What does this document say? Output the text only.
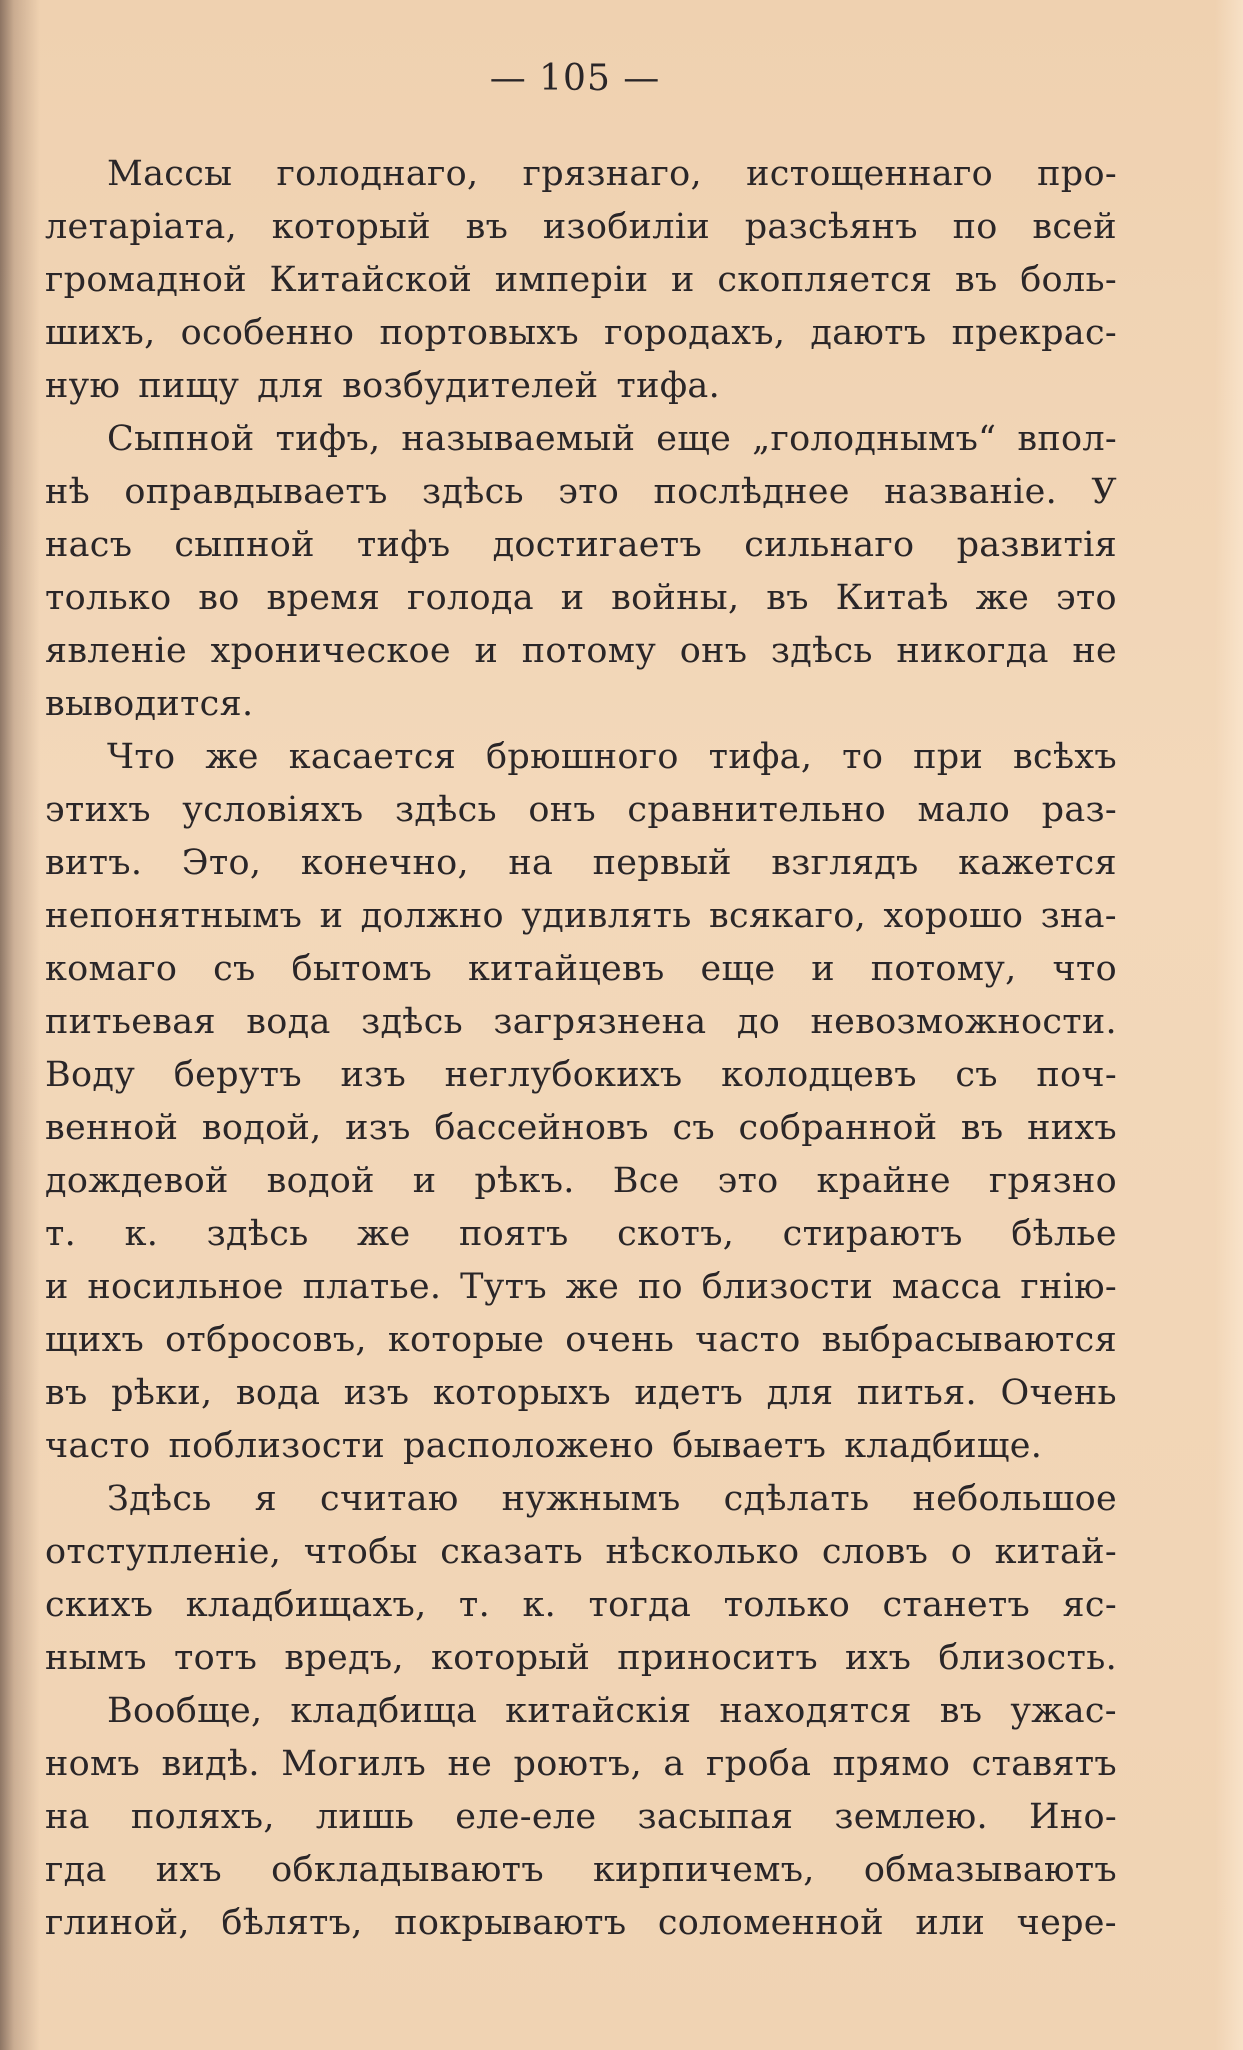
— 105 —
Массы голоднаго, грязнаго, истощеннаго про-
летаріата, который въ изобиліи разсѣянъ по всей
громадной Китайской имперіи и скопляется въ боль-
шихъ, особенно портовыхъ городахъ, даютъ прекрас-
ную пищу для возбудителей тифа.
Сыпной тифъ, называемый еще „голоднымъ“ впол-
нѣ оправдываетъ здѣсь это послѣднее названіе. У
насъ сыпной тифъ достигаетъ сильнаго развитія
только во время голода и войны, въ Китаѣ же это
явленіе хроническое и потому онъ здѣсь никогда не
выводится.
Что же касается брюшного тифа, то при всѣхъ
этихъ условіяхъ здѣсь онъ сравнительно мало раз-
витъ. Это, конечно, на первый взглядъ кажется
непонятнымъ и должно удивлять всякаго, хорошо зна-
комаго съ бытомъ китайцевъ еще и потому, что
питьевая вода здѣсь загрязнена до невозможности.
Воду берутъ изъ неглубокихъ колодцевъ съ поч-
венной водой, изъ бассейновъ съ собранной въ нихъ
дождевой водой и рѣкъ. Все это крайне грязно
т. к. здѣсь же поятъ скотъ, стираютъ бѣлье
и носильное платье. Тутъ же по близости масса гнію-
щихъ отбросовъ, которые очень часто выбрасываются
въ рѣки, вода изъ которыхъ идетъ для питья. Очень
часто поблизости расположено бываетъ кладбище.
Здѣсь я считаю нужнымъ сдѣлать небольшое
отступленіе, чтобы сказать нѣсколько словъ о китай-
скихъ кладбищахъ, т. к. тогда только станетъ яс-
нымъ тотъ вредъ, который приноситъ ихъ близость.
Вообще, кладбища китайскія находятся въ ужас-
номъ видѣ. Могилъ не роютъ, а гроба прямо ставятъ
на поляхъ, лишь еле-еле засыпая землею. Ино-
гда ихъ обкладываютъ кирпичемъ, обмазываютъ
глиной, бѣлятъ, покрываютъ соломенной или чере-
